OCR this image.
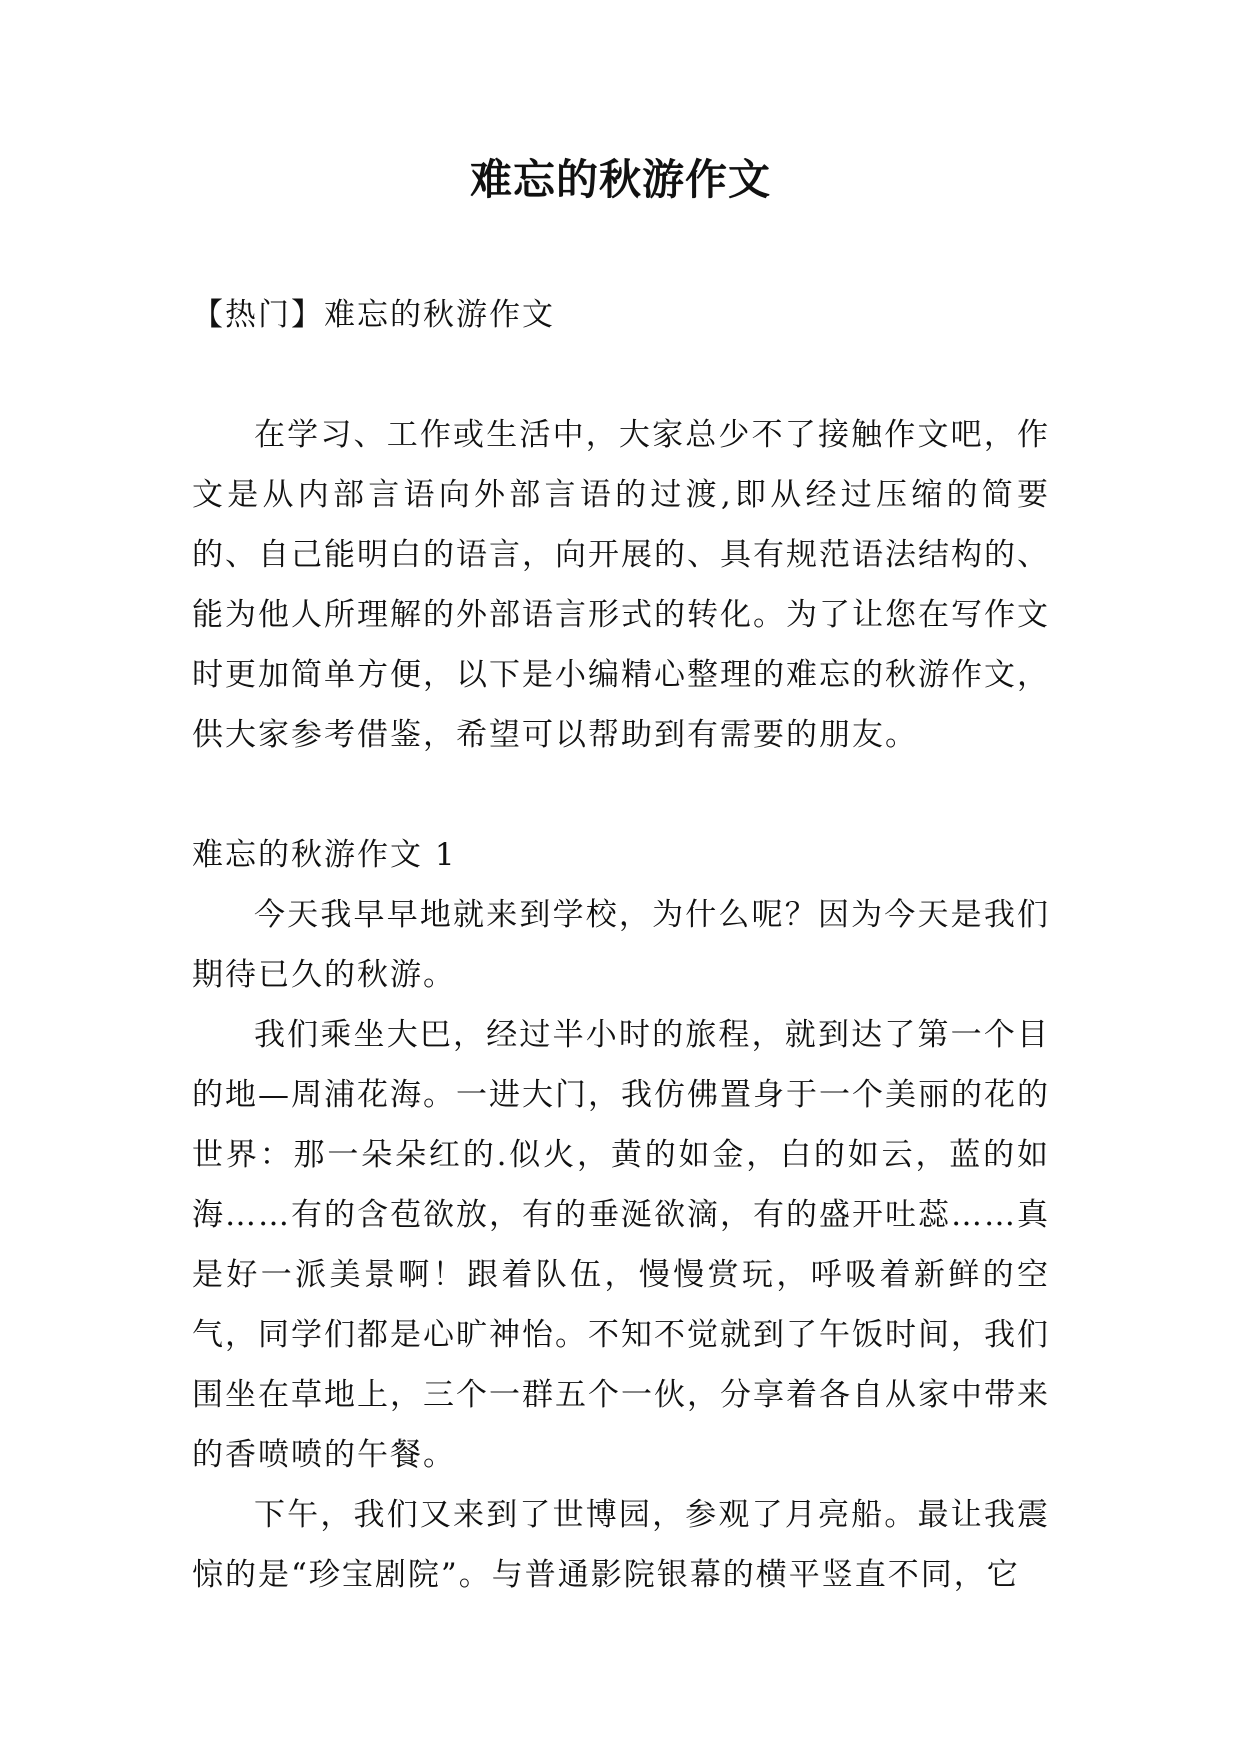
难忘的秋游作文

【热门】难忘的秋游作文

在学习、工作或生活中，大家总少不了接触作文吧，作文是从内部言语向外部言语的过渡,即从经过压缩的简要的、自己能明白的语言，向开展的、具有规范语法结构的、能为他人所理解的外部语言形式的转化。为了让您在写作文时更加简单方便，以下是小编精心整理的难忘的秋游作文，供大家参考借鉴，希望可以帮助到有需要的朋友。

难忘的秋游作文 1

今天我早早地就来到学校，为什么呢？因为今天是我们期待已久的秋游。

我们乘坐大巴，经过半小时的旅程，就到达了第一个目的地—周浦花海。一进大门，我仿佛置身于一个美丽的花的世界：那一朵朵红的.似火，黄的如金，白的如云，蓝的如海……有的含苞欲放，有的垂涎欲滴，有的盛开吐蕊……真是好一派美景啊！跟着队伍，慢慢赏玩，呼吸着新鲜的空气，同学们都是心旷神怡。不知不觉就到了午饭时间，我们围坐在草地上，三个一群五个一伙，分享着各自从家中带来的香喷喷的午餐。

下午，我们又来到了世博园，参观了月亮船。最让我震惊的是“珍宝剧院”。与普通影院银幕的横平竖直不同，它
